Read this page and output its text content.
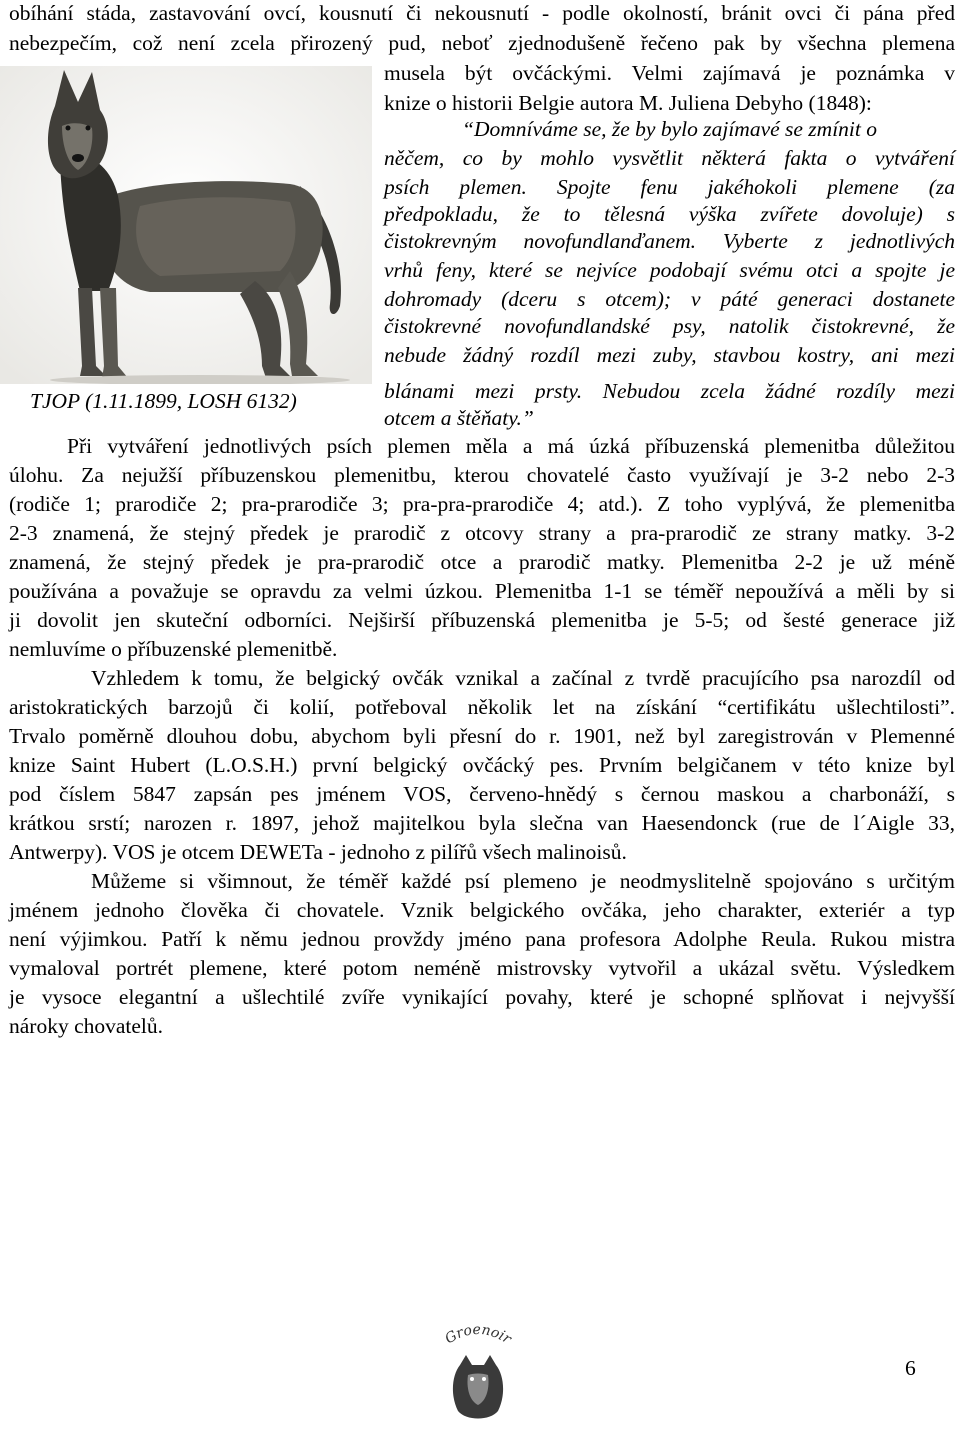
obíhání stáda, zastavování ovcí, kousnutí či nekousnutí - podle okolností, bránit ovci či pána před
nebezpečím, což není zcela přirozený pud, neboť zjednodušeně řečeno pak by všechna plemena
musela být ovčáckými. Velmi zajímavá je poznámka v
knize o historii Belgie autora M. Juliena Debyho (1848):
“Domníváme se, že by bylo zajímavé se zmínit o
něčem, co by mohlo vysvětlit některá fakta o vytváření
psích plemen. Spojte fenu jakéhokoli plemene (za
předpokladu, že to tělesná výška zvířete dovoluje) s
čistokrevným novofundlanďanem. Vyberte z jednotlivých
vrhů feny, které se nejvíce podobají svému otci a spojte je
dohromady (dceru s otcem); v páté generaci dostanete
čistokrevné novofundlandské psy, natolik čistokrevné, že
nebude žádný rozdíl mezi zuby, stavbou kostry, ani mezi
blánami mezi prsty. Nebudou zcela žádné rozdíly mezi
otcem a štěňaty.”
TJOP (1.11.1899, LOSH 6132)
Při vytváření jednotlivých psích plemen měla a má úzká příbuzenská plemenitba důležitou
úlohu. Za nejužší příbuzenskou plemenitbu, kterou chovatelé často využívají je 3-2 nebo 2-3
(rodiče 1; prarodiče 2; pra-prarodiče 3; pra-pra-prarodiče 4; atd.). Z toho vyplývá, že plemenitba
2-3 znamená, že stejný předek je prarodič z otcovy strany a pra-prarodič ze strany matky. 3-2
znamená, že stejný předek je pra-prarodič otce a prarodič matky. Plemenitba 2-2 je už méně
používána a považuje se opravdu za velmi úzkou. Plemenitba 1-1 se téměř nepoužívá a měli by si
ji dovolit jen skuteční odborníci. Nejširší příbuzenská plemenitba je 5-5; od šesté generace již
nemluvíme o příbuzenské plemenitbě.
Vzhledem k tomu, že belgický ovčák vznikal a začínal z tvrdě pracujícího psa narozdíl od
aristokratických barzojů či kolií, potřeboval několik let na získání “certifikátu ušlechtilosti”.
Trvalo poměrně dlouhou dobu, abychom byli přesní do r. 1901, než byl zaregistrován v Plemenné
knize Saint Hubert (L.O.S.H.) první belgický ovčácký pes. Prvním belgičanem v této knize byl
pod číslem 5847 zapsán pes jménem VOS, červeno-hnědý s černou maskou a charbonáží, s
krátkou srstí; narozen r. 1897, jehož majitelkou byla slečna van Haesendonck (rue de l´Aigle 33,
Antwerpy). VOS je otcem DEWETa - jednoho z pilířů všech malinoisů.
Můžeme si všimnout, že téměř každé psí plemeno je neodmyslitelně spojováno s určitým
jménem jednoho člověka či chovatele. Vznik belgického ovčáka, jeho charakter, exteriér a typ
není výjimkou. Patří k němu jednou provždy jméno pana profesora Adolphe Reula. Rukou mistra
vymaloval portrét plemene, které potom neméně mistrovsky vytvořil a ukázal světu. Výsledkem
je vysoce elegantní a ušlechtilé zvíře vynikající povahy, které je schopné splňovat i nejvyšší
nároky chovatelů.
Groenoir
6
